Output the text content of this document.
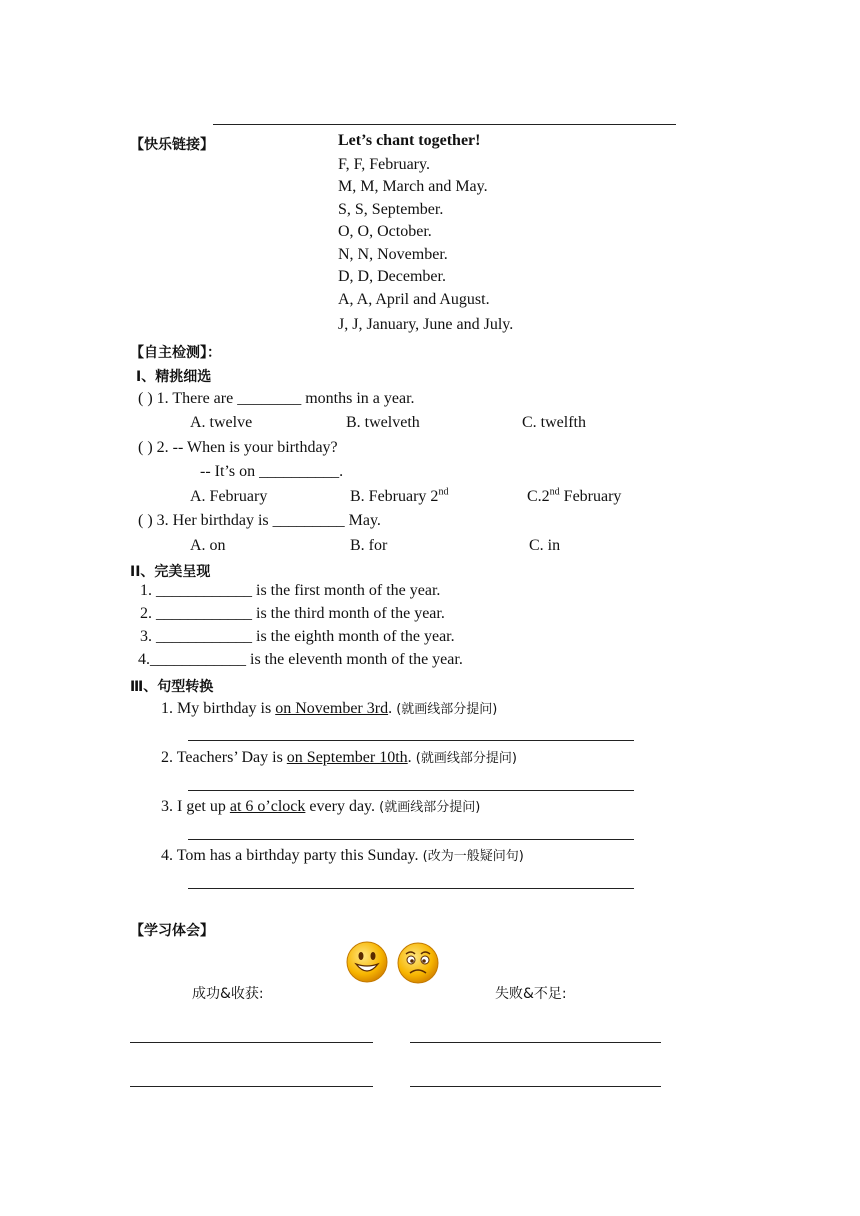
【快乐链接】	Let’s chant together!
F, F, February.
M, M, March and May.
S, S, September.
O, O, October.
N, N, November.
D, D, December.
A, A, April and August.
J, J, January, June and July.
【自主检测】：
I、精挑细选
( ) 1. There are ________ months in a year.
A. twelve	B. twelveth	C. twelfth
( ) 2. -- When is your birthday?
-- It’s on __________.
A. February	B. February 2nd	C.2nd February
( ) 3. Her birthday is _________ May.
A. on	B. for	C. in
II、完美呈现
1. ____________ is the first month of the year.
2. ____________ is the third month of the year.
3. ____________ is the eighth month of the year.
4.____________ is the eleventh month of the year.
Ⅲ、句型转换
1. My birthday is on November 3rd. (就画线部分提问)
2. Teachers’ Day is on September 10th. (就画线部分提问)
3. I get up at 6 o’clock every day. (就画线部分提问)
4. Tom has a birthday party this Sunday. (改为一般疑问句)
【学习体会】
成功&收获:	失败&不足:
